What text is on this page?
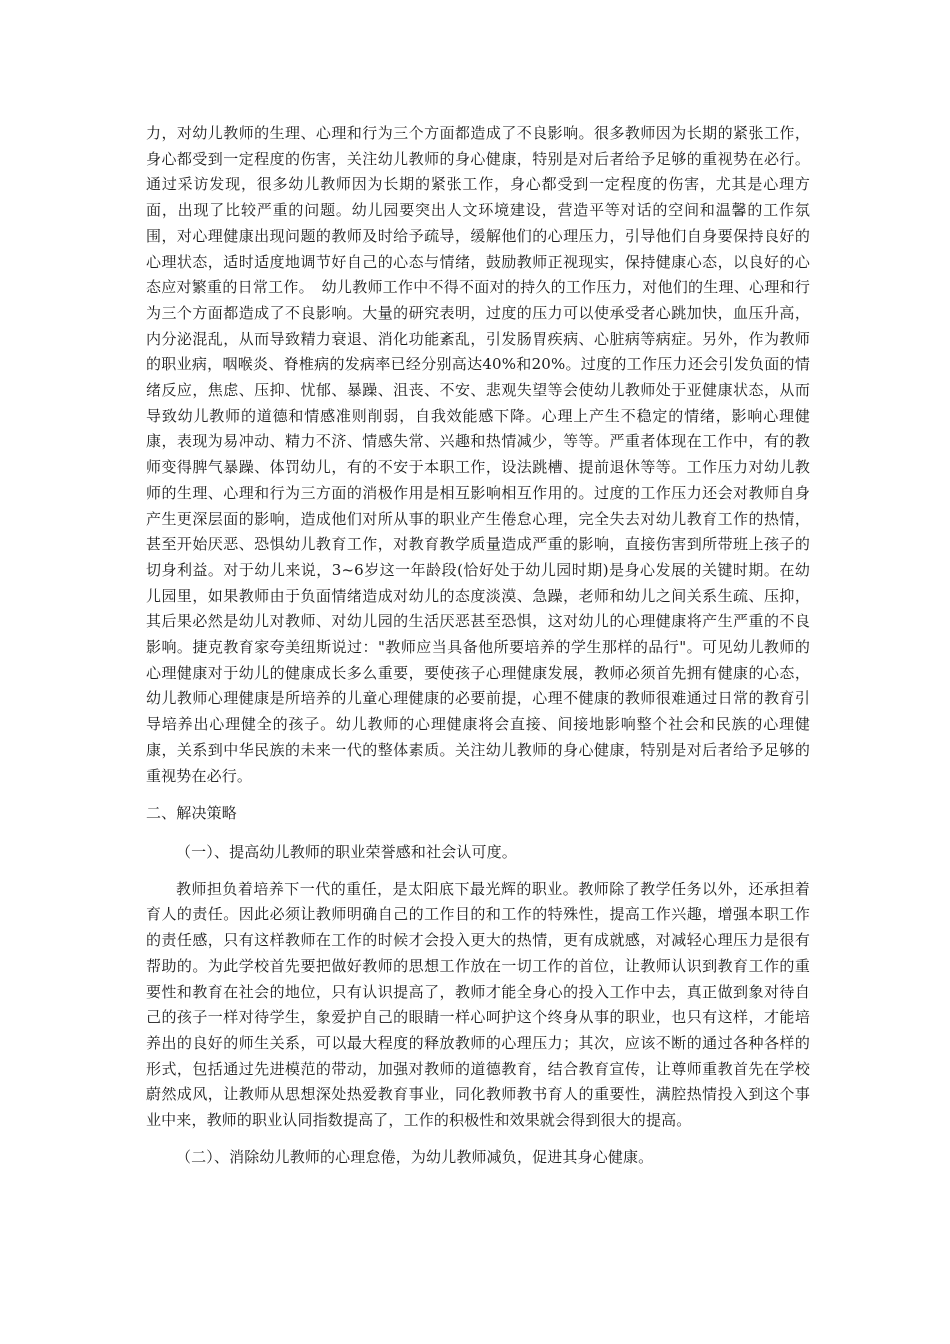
力，对幼儿教师的生理、心理和行为三个方面都造成了不良影响。很多教师因为长期的紧张工作，身心都受到一定程度的伤害，关注幼儿教师的身心健康，特别是对后者给予足够的重视势在必行。通过采访发现，很多幼儿教师因为长期的紧张工作，身心都受到一定程度的伤害，尤其是心理方面，出现了比较严重的问题。幼儿园要突出人文环境建设，营造平等对话的空间和温馨的工作氛围，对心理健康出现问题的教师及时给予疏导，缓解他们的心理压力，引导他们自身要保持良好的心理状态，适时适度地调节好自己的心态与情绪，鼓励教师正视现实，保持健康心态，以良好的心态应对繁重的日常工作。　幼儿教师工作中不得不面对的持久的工作压力，对他们的生理、心理和行为三个方面都造成了不良影响。大量的研究表明，过度的压力可以使承受者心跳加快，血压升高，内分泌混乱，从而导致精力衰退、消化功能紊乱，引发肠胃疾病、心脏病等病症。另外，作为教师的职业病，咽喉炎、脊椎病的发病率已经分别高达40%和20%。过度的工作压力还会引发负面的情绪反应，焦虑、压抑、忧郁、暴躁、沮丧、不安、悲观失望等会使幼儿教师处于亚健康状态，从而导致幼儿教师的道德和情感准则削弱，自我效能感下降。心理上产生不稳定的情绪，影响心理健康，表现为易冲动、精力不济、情感失常、兴趣和热情减少，等等。严重者体现在工作中，有的教师变得脾气暴躁、体罚幼儿，有的不安于本职工作，设法跳槽、提前退休等等。工作压力对幼儿教师的生理、心理和行为三方面的消极作用是相互影响相互作用的。过度的工作压力还会对教师自身产生更深层面的影响，造成他们对所从事的职业产生倦怠心理，完全失去对幼儿教育工作的热情，甚至开始厌恶、恐惧幼儿教育工作，对教育教学质量造成严重的影响，直接伤害到所带班上孩子的切身利益。对于幼儿来说，3~6岁这一年龄段(恰好处于幼儿园时期)是身心发展的关键时期。在幼儿园里，如果教师由于负面情绪造成对幼儿的态度淡漠、急躁，老师和幼儿之间关系生疏、压抑，其后果必然是幼儿对教师、对幼儿园的生活厌恶甚至恐惧，这对幼儿的心理健康将产生严重的不良影响。捷克教育家夸美纽斯说过："教师应当具备他所要培养的学生那样的品行"。可见幼儿教师的心理健康对于幼儿的健康成长多么重要，要使孩子心理健康发展，教师必须首先拥有健康的心态，幼儿教师心理健康是所培养的儿童心理健康的必要前提，心理不健康的教师很难通过日常的教育引导培养出心理健全的孩子。幼儿教师的心理健康将会直接、间接地影响整个社会和民族的心理健康，关系到中华民族的未来一代的整体素质。关注幼儿教师的身心健康，特别是对后者给予足够的重视势在必行。

二、解决策略

（一）、提高幼儿教师的职业荣誉感和社会认可度。

教师担负着培养下一代的重任，是太阳底下最光辉的职业。教师除了教学任务以外，还承担着育人的责任。因此必须让教师明确自己的工作目的和工作的特殊性，提高工作兴趣，增强本职工作的责任感，只有这样教师在工作的时候才会投入更大的热情，更有成就感，对减轻心理压力是很有帮助的。为此学校首先要把做好教师的思想工作放在一切工作的首位，让教师认识到教育工作的重要性和教育在社会的地位，只有认识提高了，教师才能全身心的投入工作中去，真正做到象对待自己的孩子一样对待学生，象爱护自己的眼睛一样心呵护这个终身从事的职业，也只有这样，才能培养出的良好的师生关系，可以最大程度的释放教师的心理压力；其次，应该不断的通过各种各样的形式，包括通过先进模范的带动，加强对教师的道德教育，结合教育宣传，让尊师重教首先在学校蔚然成风，让教师从思想深处热爱教育事业，同化教师教书育人的重要性，满腔热情投入到这个事业中来，教师的职业认同指数提高了，工作的积极性和效果就会得到很大的提高。

（二）、消除幼儿教师的心理怠倦，为幼儿教师减负，促进其身心健康。
